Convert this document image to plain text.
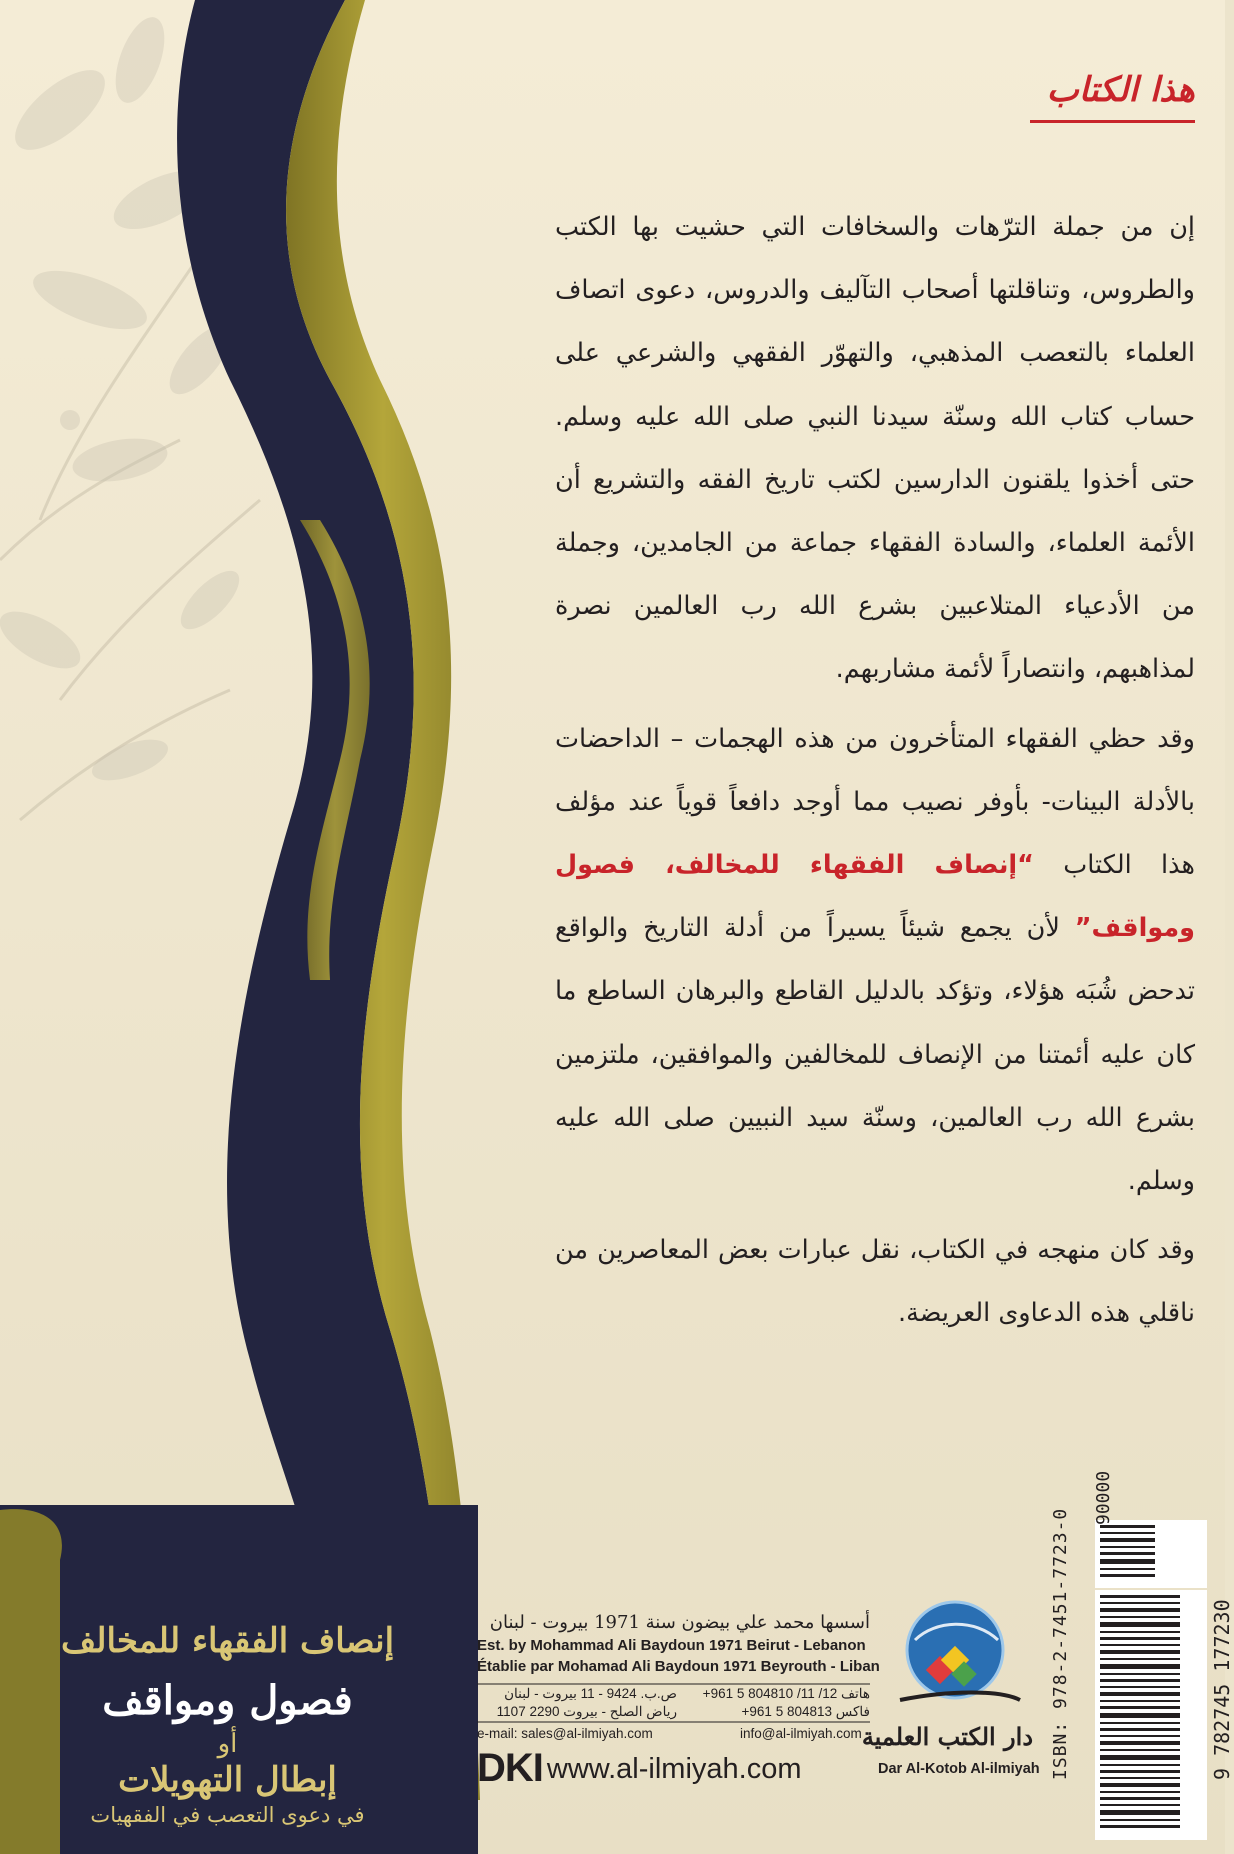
هذا الكتاب

إن من جملة الترّهات والسخافات التي حشيت بها الكتب والطروس، وتناقلتها أصحاب التآليف والدروس، دعوى اتصاف العلماء بالتعصب المذهبي، والتهوّر الفقهي والشرعي على حساب كتاب الله وسنّة سيدنا النبي صلى الله عليه وسلم. حتى أخذوا يلقنون الدارسين لكتب تاريخ الفقه والتشريع أن الأئمة العلماء، والسادة الفقهاء جماعة من الجامدين، وجملة من الأدعياء المتلاعبين بشرع الله رب العالمين نصرة لمذاهبهم، وانتصاراً لأئمة مشاربهم.

وقد حظي الفقهاء المتأخرون من هذه الهجمات – الداحضات بالأدلة البينات- بأوفر نصيب مما أوجد دافعاً قوياً عند مؤلف هذا الكتاب “إنصاف الفقهاء للمخالف، فصول ومواقف” لأن يجمع شيئاً يسيراً من أدلة التاريخ والواقع تدحض شُبَه هؤلاء، وتؤكد بالدليل القاطع والبرهان الساطع ما كان عليه أئمتنا من الإنصاف للمخالفين والموافقين، ملتزمين بشرع الله رب العالمين، وسنّة سيد النبيين صلى الله عليه وسلم.

وقد كان منهجه في الكتاب، نقل عبارات بعض المعاصرين من ناقلي هذه الدعاوى العريضة.

إنصاف الفقهاء للمخالف
فصول ومواقف
أو
إبطال التهويلات
في دعوى التعصب في الفقهيات
أسسها محمد علي بيضون سنة 1971 بيروت - لبنان
Est. by Mohammad Ali Baydoun 1971 Beirut - Lebanon
Établie par Mohamad Ali Baydoun 1971 Beyrouth - Liban
هاتف 12/ 11/ 804810 5 961+
فاكس 804813 5 961+
ص.ب. 9424 - 11 بيروت - لبنان
رياض الصلح - بيروت 2290 1107
e-mail: sales@al-ilmiyah.com	info@al-ilmiyah.com
DKI www.al-ilmiyah.com
دار الكتب العلمية
Dar Al-Kotob Al-ilmiyah ISBN: 978-2-7451-7723-0	9 782745 177230
90000
